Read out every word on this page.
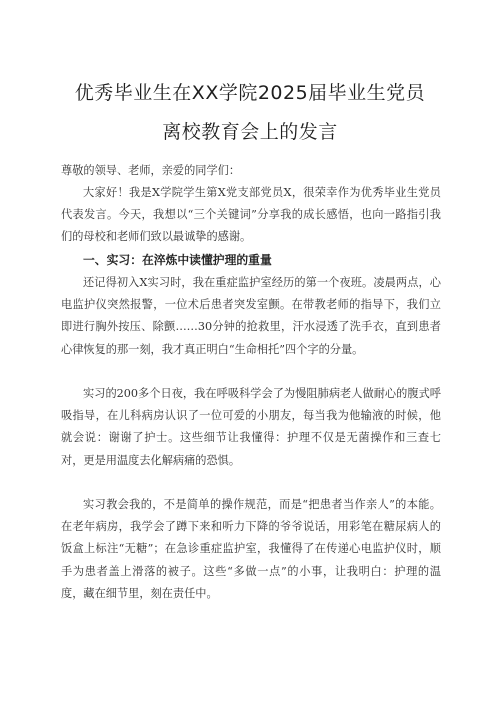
优秀毕业生在XX学院2025届毕业生党员
离校教育会上的发言

尊敬的领导、老师，亲爱的同学们：

大家好！我是X学院学生第X党支部党员X，很荣幸作为优秀毕业生党员代表发言。今天，我想以“三个关键词”分享我的成长感悟，也向一路指引我们的母校和老师们致以最诚挚的感谢。

一、实习：在淬炼中读懂护理的重量

还记得初入X实习时，我在重症监护室经历的第一个夜班。凌晨两点，心电监护仪突然报警，一位术后患者突发室颤。在带教老师的指导下，我们立即进行胸外按压、除颤……30分钟的抢救里，汗水浸透了洗手衣，直到患者心律恢复的那一刻，我才真正明白“生命相托”四个字的分量。

实习的200多个日夜，我在呼吸科学会了为慢阻肺病老人做耐心的腹式呼吸指导，在儿科病房认识了一位可爱的小朋友，每当我为他输液的时候，他就会说：谢谢了护士。这些细节让我懂得：护理不仅是无菌操作和三查七对，更是用温度去化解病痛的恐惧。

实习教会我的，不是简单的操作规范，而是“把患者当作亲人”的本能。在老年病房，我学会了蹲下来和听力下降的爷爷说话，用彩笔在糖尿病人的饭盒上标注“无糖”；在急诊重症监护室，我懂得了在传递心电监护仪时，顺手为患者盖上滑落的被子。这些“多做一点”的小事，让我明白：护理的温度，藏在细节里，刻在责任中。
